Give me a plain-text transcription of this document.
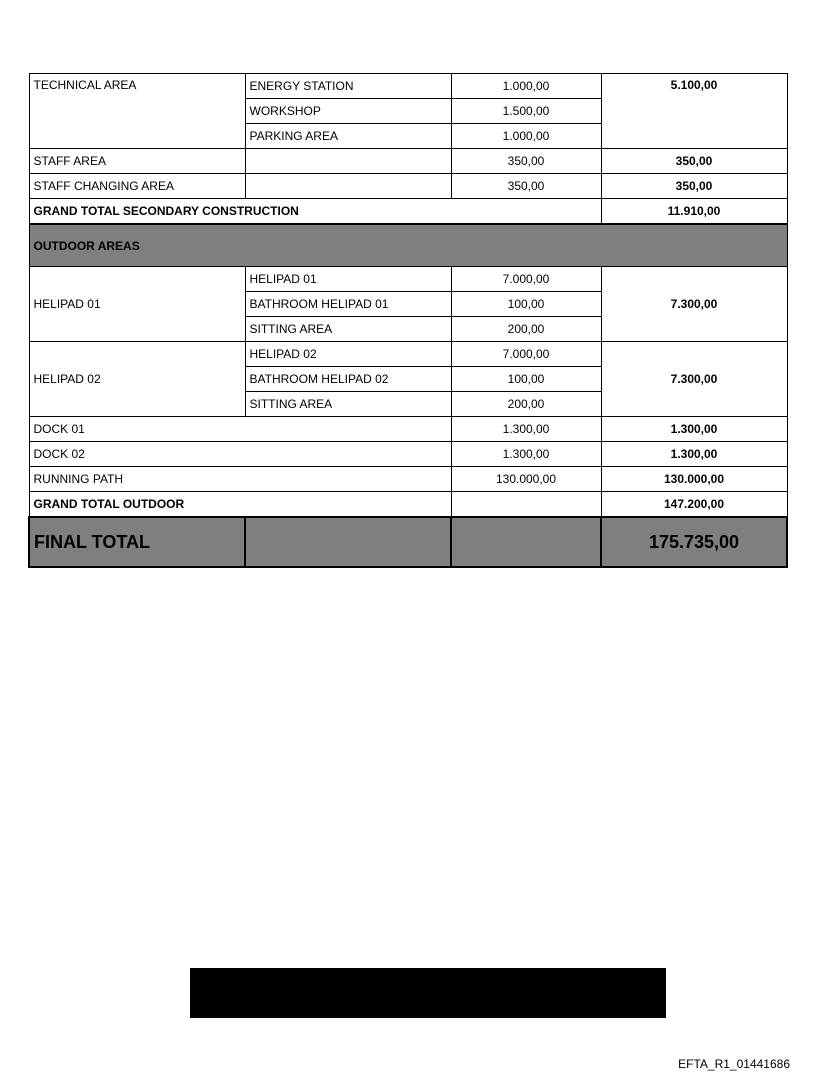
TECHNICAL AREA	ENERGY STATION	1.000,00	5.100,00
	WORKSHOP	1.500,00	
	PARKING AREA	1.000,00	
STAFF AREA		350,00	350,00
STAFF CHANGING AREA		350,00	350,00
GRAND TOTAL SECONDARY CONSTRUCTION			11.910,00
OUTDOOR AREAS			
HELIPAD 01	HELIPAD 01	7.000,00	7.300,00
	BATHROOM HELIPAD 01	100,00	
	SITTING AREA	200,00	
HELIPAD 02	HELIPAD 02	7.000,00	7.300,00
	BATHROOM HELIPAD 02	100,00	
	SITTING AREA	200,00	
DOCK 01		1.300,00	1.300,00
DOCK 02		1.300,00	1.300,00
RUNNING PATH		130.000,00	130.000,00
GRAND TOTAL OUTDOOR			147.200,00
FINAL TOTAL			175.735,00
EFTA_R1_01441686
